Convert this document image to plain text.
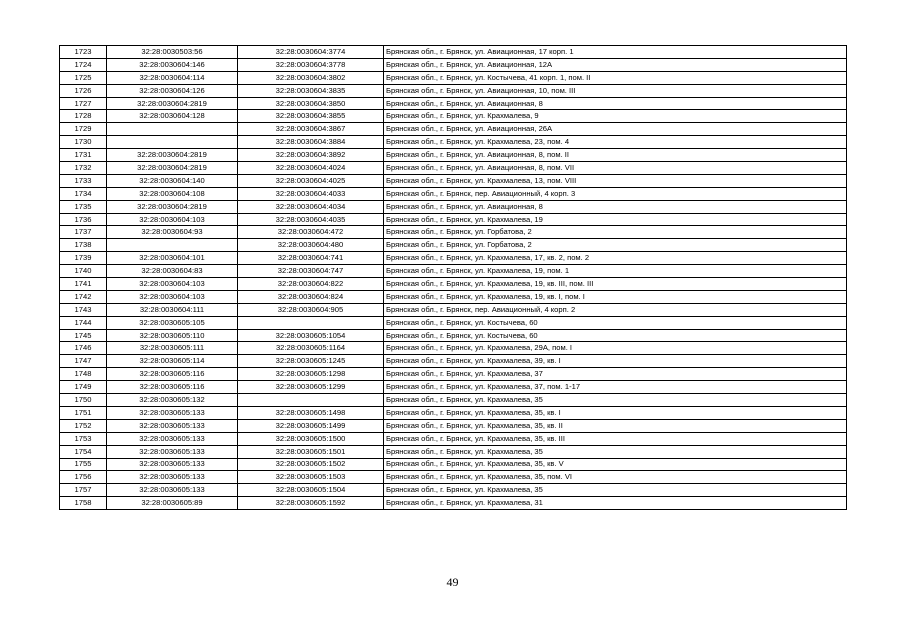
1723	32:28:0030503:56	32:28:0030604:3774	Брянская обл., г. Брянск, ул. Авиационная, 17 корп. 1
1724	32:28:0030604:146	32:28:0030604:3778	Брянская обл., г. Брянск, ул. Авиационная, 12А
1725	32:28:0030604:114	32:28:0030604:3802	Брянская обл., г. Брянск, ул. Костычева, 41 корп. 1, пом. II
1726	32:28:0030604:126	32:28:0030604:3835	Брянская обл., г. Брянск, ул. Авиационная, 10, пом. III
1727	32:28:0030604:2819	32:28:0030604:3850	Брянская обл., г. Брянск, ул. Авиационная, 8
1728	32:28:0030604:128	32:28:0030604:3855	Брянская обл., г. Брянск, ул. Крахмалева, 9
1729		32:28:0030604:3867	Брянская обл., г. Брянск, ул. Авиационная, 26А
1730		32:28:0030604:3884	Брянская обл., г. Брянск, ул. Крахмалева, 23, пом. 4
1731	32:28:0030604:2819	32:28:0030604:3892	Брянская обл., г. Брянск, ул. Авиационная, 8, пом. II
1732	32:28:0030604:2819	32:28:0030604:4024	Брянская обл., г. Брянск, ул. Авиационная, 8, пом. VII
1733	32:28:0030604:140	32:28:0030604:4025	Брянская обл., г. Брянск, ул. Крахмалева, 13, пом. VIII
1734	32:28:0030604:108	32:28:0030604:4033	Брянская обл., г. Брянск, пер. Авиационный, 4 корп. 3
1735	32:28:0030604:2819	32:28:0030604:4034	Брянская обл., г. Брянск, ул. Авиационная, 8
1736	32:28:0030604:103	32:28:0030604:4035	Брянская обл., г. Брянск, ул. Крахмалева, 19
1737	32:28:0030604:93	32:28:0030604:472	Брянская обл., г. Брянск, ул. Горбатова, 2
1738		32:28:0030604:480	Брянская обл., г. Брянск, ул. Горбатова, 2
1739	32:28:0030604:101	32:28:0030604:741	Брянская обл., г. Брянск, ул. Крахмалева, 17, кв. 2, пом. 2
1740	32:28:0030604:83	32:28:0030604:747	Брянская обл., г. Брянск, ул. Крахмалева, 19, пом. 1
1741	32:28:0030604:103	32:28:0030604:822	Брянская обл., г. Брянск, ул. Крахмалева, 19, кв. III, пом. III
1742	32:28:0030604:103	32:28:0030604:824	Брянская обл., г. Брянск, ул. Крахмалева, 19, кв. I, пом. I
1743	32:28:0030604:111	32:28:0030604:905	Брянская обл., г. Брянск, пер. Авиационный, 4 корп. 2
1744	32:28:0030605:105		Брянская обл., г. Брянск, ул. Костычева, 60
1745	32:28:0030605:110	32:28:0030605:1054	Брянская обл., г. Брянск, ул. Костычева, 60
1746	32:28:0030605:111	32:28:0030605:1164	Брянская обл., г. Брянск, ул. Крахмалева, 29А, пом. I
1747	32:28:0030605:114	32:28:0030605:1245	Брянская обл., г. Брянск, ул. Крахмалева, 39, кв. I
1748	32:28:0030605:116	32:28:0030605:1298	Брянская обл., г. Брянск, ул. Крахмалева, 37
1749	32:28:0030605:116	32:28:0030605:1299	Брянская обл., г. Брянск, ул. Крахмалева, 37, пом. 1-17
1750	32:28:0030605:132		Брянская обл., г. Брянск, ул. Крахмалева, 35
1751	32:28:0030605:133	32:28:0030605:1498	Брянская обл., г. Брянск, ул. Крахмалева, 35, кв. I
1752	32:28:0030605:133	32:28:0030605:1499	Брянская обл., г. Брянск, ул. Крахмалева, 35, кв. II
1753	32:28:0030605:133	32:28:0030605:1500	Брянская обл., г. Брянск, ул. Крахмалева, 35, кв. III
1754	32:28:0030605:133	32:28:0030605:1501	Брянская обл., г. Брянск, ул. Крахмалева, 35
1755	32:28:0030605:133	32:28:0030605:1502	Брянская обл., г. Брянск, ул. Крахмалева, 35, кв. V
1756	32:28:0030605:133	32:28:0030605:1503	Брянская обл., г. Брянск, ул. Крахмалева, 35, пом. VI
1757	32:28:0030605:133	32:28:0030605:1504	Брянская обл., г. Брянск, ул. Крахмалева, 35
1758	32:28:0030605:89	32:28:0030605:1592	Брянская обл., г. Брянск, ул. Крахмалева, 31
49
